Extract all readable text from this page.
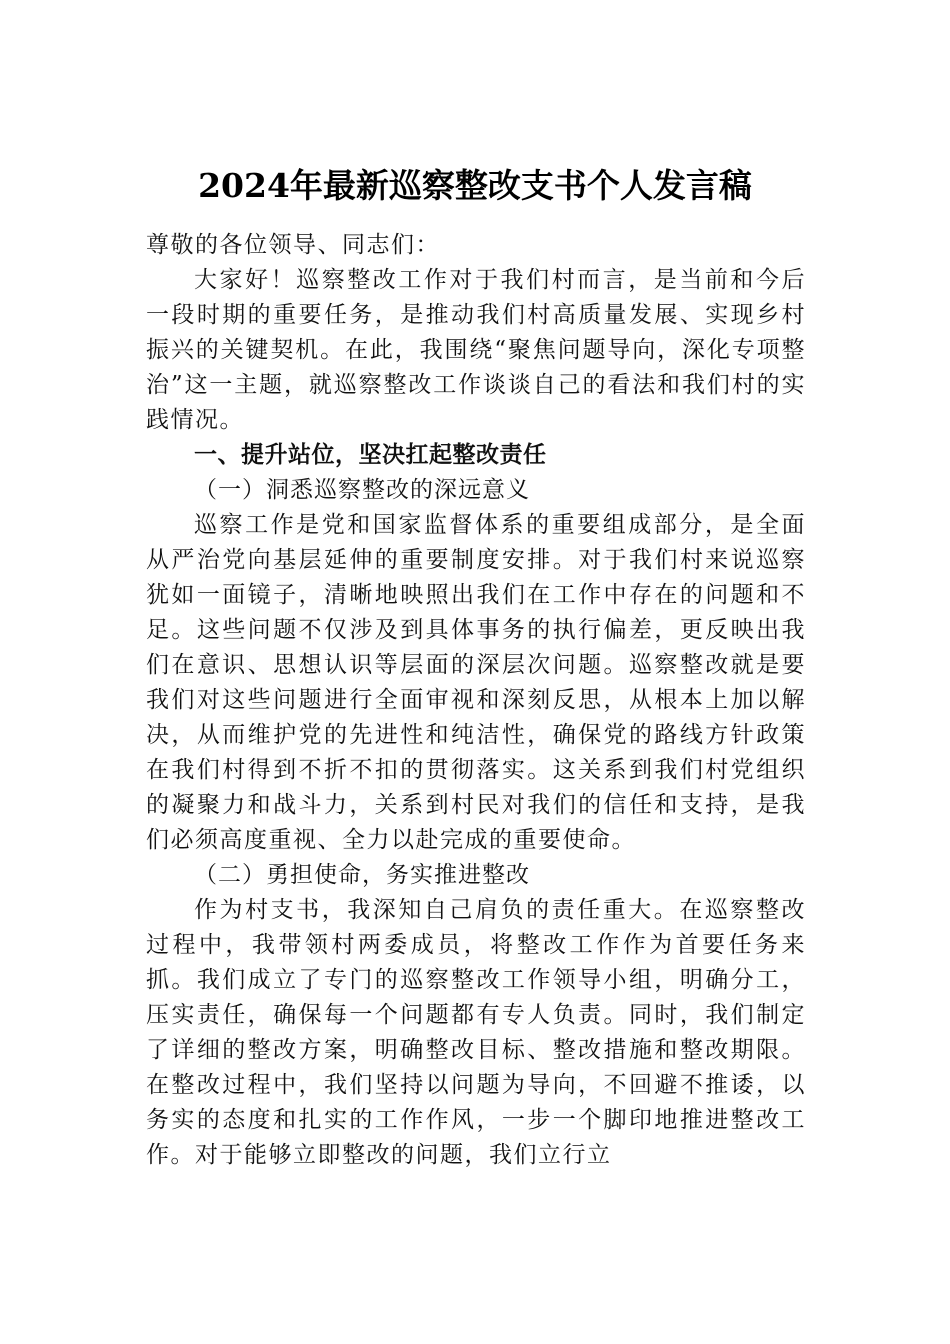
2024年最新巡察整改支书个人发言稿

尊敬的各位领导、同志们：

大家好！巡察整改工作对于我们村而言，是当前和今后一段时期的重要任务，是推动我们村高质量发展、实现乡村振兴的关键契机。在此，我围绕“聚焦问题导向，深化专项整治”这一主题，就巡察整改工作谈谈自己的看法和我们村的实践情况。

一、提升站位，坚决扛起整改责任

（一）洞悉巡察整改的深远意义

巡察工作是党和国家监督体系的重要组成部分，是全面从严治党向基层延伸的重要制度安排。对于我们村来说巡察犹如一面镜子，清晰地映照出我们在工作中存在的问题和不足。这些问题不仅涉及到具体事务的执行偏差，更反映出我们在意识、思想认识等层面的深层次问题。巡察整改就是要我们对这些问题进行全面审视和深刻反思，从根本上加以解决，从而维护党的先进性和纯洁性，确保党的路线方针政策在我们村得到不折不扣的贯彻落实。这关系到我们村党组织的凝聚力和战斗力，关系到村民对我们的信任和支持，是我们必须高度重视、全力以赴完成的重要使命。

（二）勇担使命，务实推进整改

作为村支书，我深知自己肩负的责任重大。在巡察整改过程中，我带领村两委成员，将整改工作作为首要任务来抓。我们成立了专门的巡察整改工作领导小组，明确分工，压实责任，确保每一个问题都有专人负责。同时，我们制定了详细的整改方案，明确整改目标、整改措施和整改期限。在整改过程中，我们坚持以问题为导向，不回避不推诿，以务实的态度和扎实的工作作风，一步一个脚印地推进整改工作。对于能够立即整改的问题，我们立行立
